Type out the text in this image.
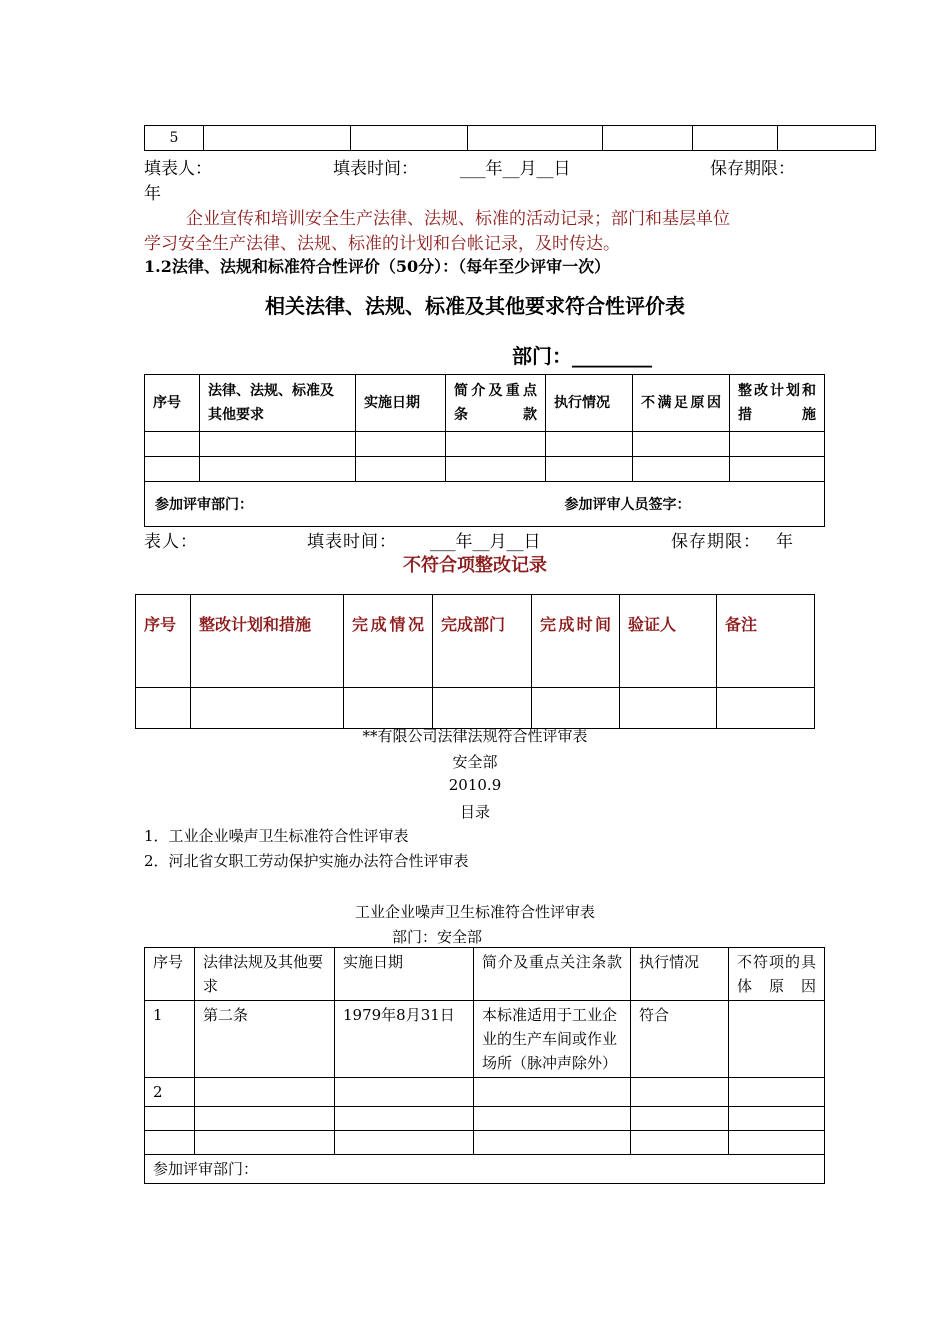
5						
填表人：	填表时间： ___年__月__日	保存期限：
年
企业宣传和培训安全生产法律、法规、标准的活动记录；部门和基层单位
学习安全生产法律、法规、标准的计划和台帐记录，及时传达。
1.2法律、法规和标准符合性评价（50分）：（每年至少评审一次）
相关法律、法规、标准及其他要求符合性评价表
部门：________
序号	法律、法规、标准及其他要求	实施日期	简介及重点条款	执行情况	不满足原因	整改计划和措施

参加评审部门： 参加评审人员签字：						
表人：	填表时间： ___年__月__日	保存期限： 年
不符合项整改记录
序号	整改计划和措施	完成情况	完成部门	完成时间	验证人	备注

**有限公司法律法规符合性评审表
安全部
2010.9
目录
1．工业企业噪声卫生标准符合性评审表
2．河北省女职工劳动保护实施办法符合性评审表
工业企业噪声卫生标准符合性评审表
部门：安全部
序号	法律法规及其他要求	实施日期	简介及重点关注条款	执行情况	不符项的具体原因
1	第二条	1979年8月31日	本标准适用于工业企业的生产车间或作业场所（脉冲声除外）	符合	
2					

参加评审部门：					
